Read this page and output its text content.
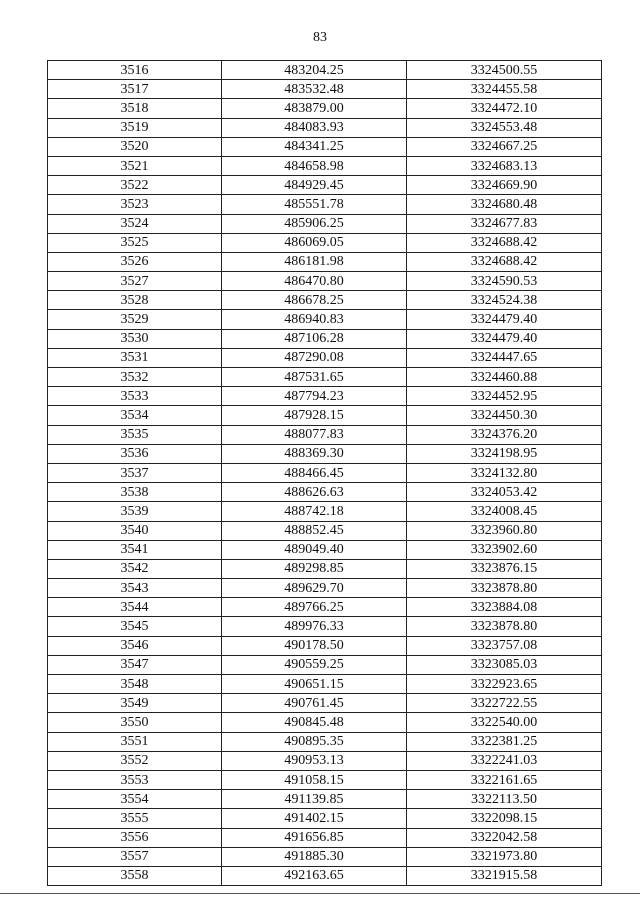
83
3516	483204.25	3324500.55
3517	483532.48	3324455.58
3518	483879.00	3324472.10
3519	484083.93	3324553.48
3520	484341.25	3324667.25
3521	484658.98	3324683.13
3522	484929.45	3324669.90
3523	485551.78	3324680.48
3524	485906.25	3324677.83
3525	486069.05	3324688.42
3526	486181.98	3324688.42
3527	486470.80	3324590.53
3528	486678.25	3324524.38
3529	486940.83	3324479.40
3530	487106.28	3324479.40
3531	487290.08	3324447.65
3532	487531.65	3324460.88
3533	487794.23	3324452.95
3534	487928.15	3324450.30
3535	488077.83	3324376.20
3536	488369.30	3324198.95
3537	488466.45	3324132.80
3538	488626.63	3324053.42
3539	488742.18	3324008.45
3540	488852.45	3323960.80
3541	489049.40	3323902.60
3542	489298.85	3323876.15
3543	489629.70	3323878.80
3544	489766.25	3323884.08
3545	489976.33	3323878.80
3546	490178.50	3323757.08
3547	490559.25	3323085.03
3548	490651.15	3322923.65
3549	490761.45	3322722.55
3550	490845.48	3322540.00
3551	490895.35	3322381.25
3552	490953.13	3322241.03
3553	491058.15	3322161.65
3554	491139.85	3322113.50
3555	491402.15	3322098.15
3556	491656.85	3322042.58
3557	491885.30	3321973.80
3558	492163.65	3321915.58
